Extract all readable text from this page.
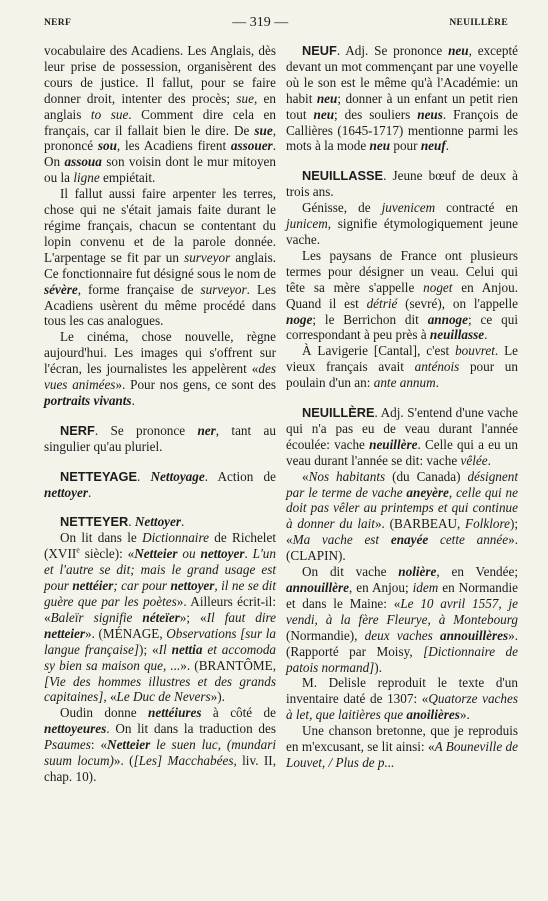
NERF	— 319 —	NEUILLÈRE

vocabulaire des Acadiens. Les Anglais, dès leur prise de possession, organisèrent des cours de justice. Il fallut, pour se faire donner droit, intenter des procès; sue, en anglais to sue. Comment dire cela en français, car il fallait bien le dire. De sue, prononcé sou, les Acadiens firent assouer. On assoua son voisin dont le mur mitoyen ou la ligne empiétait.

Il fallut aussi faire arpenter les terres, chose qui ne s'était jamais faite durant le régime français, chacun se contentant du lopin convenu et de la parole donnée. L'arpentage se fit par un surveyor anglais. Ce fonctionnaire fut désigné sous le nom de sévère, forme française de surveyor. Les Acadiens usèrent du même procédé dans tous les cas analogues.

Le cinéma, chose nouvelle, règne aujourd'hui. Les images qui s'offrent sur l'écran, les journalistes les appelèrent «des vues animées». Pour nos gens, ce sont des portraits vivants.

NERF. Se prononce ner, tant au singulier qu'au pluriel.

NETTEYAGE. Nettoyage. Action de nettoyer.

NETTEYER. Nettoyer.

On lit dans le Dictionnaire de Richelet (XVIIe siècle): «Netteier ou nettoyer. L'un et l'autre se dit; mais le grand usage est pour nettéier; car pour nettoyer, il ne se dit guère que par les poètes». Ailleurs écrit-il: «Baleïr signifie néteïer»; «Il faut dire netteier». (MÉNAGE, Observations [sur la langue française]); «Il nettia et accomoda sy bien sa maison que, ...». (BRANTÔME, [Vie des hommes illustres et des grands capitaines], «Le Duc de Nevers»).

Oudin donne nettéiures à côté de nettoyeures. On lit dans la traduction des Psaumes: «Netteier le suen luc, (mundari suum locum)». ([Les] Macchabées, liv. II, chap. 10).

NEUF. Adj. Se prononce neu, excepté devant un mot commençant par une voyelle où le son est le même qu'à l'Académie: un habit neu; donner à un enfant un petit rien tout neu; des souliers neus. François de Callières (1645-1717) mentionne parmi les mots à la mode neu pour neuf.

NEUILLASSE. Jeune bœuf de deux à trois ans.

Génisse, de juvenicem contracté en junicem, signifie étymologiquement jeune vache.

Les paysans de France ont plusieurs termes pour désigner un veau. Celui qui tête sa mère s'appelle noget en Anjou. Quand il est détrié (sevré), on l'appelle noge; le Berrichon dit annoge; ce qui correspondant à peu près à neuillasse.

À Lavigerie [Cantal], c'est bouvret. Le vieux français avait anténois pour un poulain d'un an: ante annum.

NEUILLÈRE. Adj. S'entend d'une vache qui n'a pas eu de veau durant l'année écoulée: vache neuillère. Celle qui a eu un veau durant l'année se dit: vache vêlée.

«Nos habitants (du Canada) désignent par le terme de vache aneyère, celle qui ne doit pas vêler au printemps et qui continue à donner du lait». (BARBEAU, Folklore); «Ma vache est enayée cette année». (CLAPIN).

On dit vache nolière, en Vendée; annouillère, en Anjou; idem en Normandie et dans le Maine: «Le 10 avril 1557, je vendi, à la fère Fleurye, à Montebourg (Normandie), deux vaches annouillères». (Rapporté par Moisy, [Dictionnaire de patois normand]).

M. Delisle reproduit le texte d'un inventaire daté de 1307: «Quatorze vaches à let, que laitières que anoilières».

Une chanson bretonne, que je reproduis en m'excusant, se lit ainsi: «A Bouneville de Louvet, / Plus de p...
